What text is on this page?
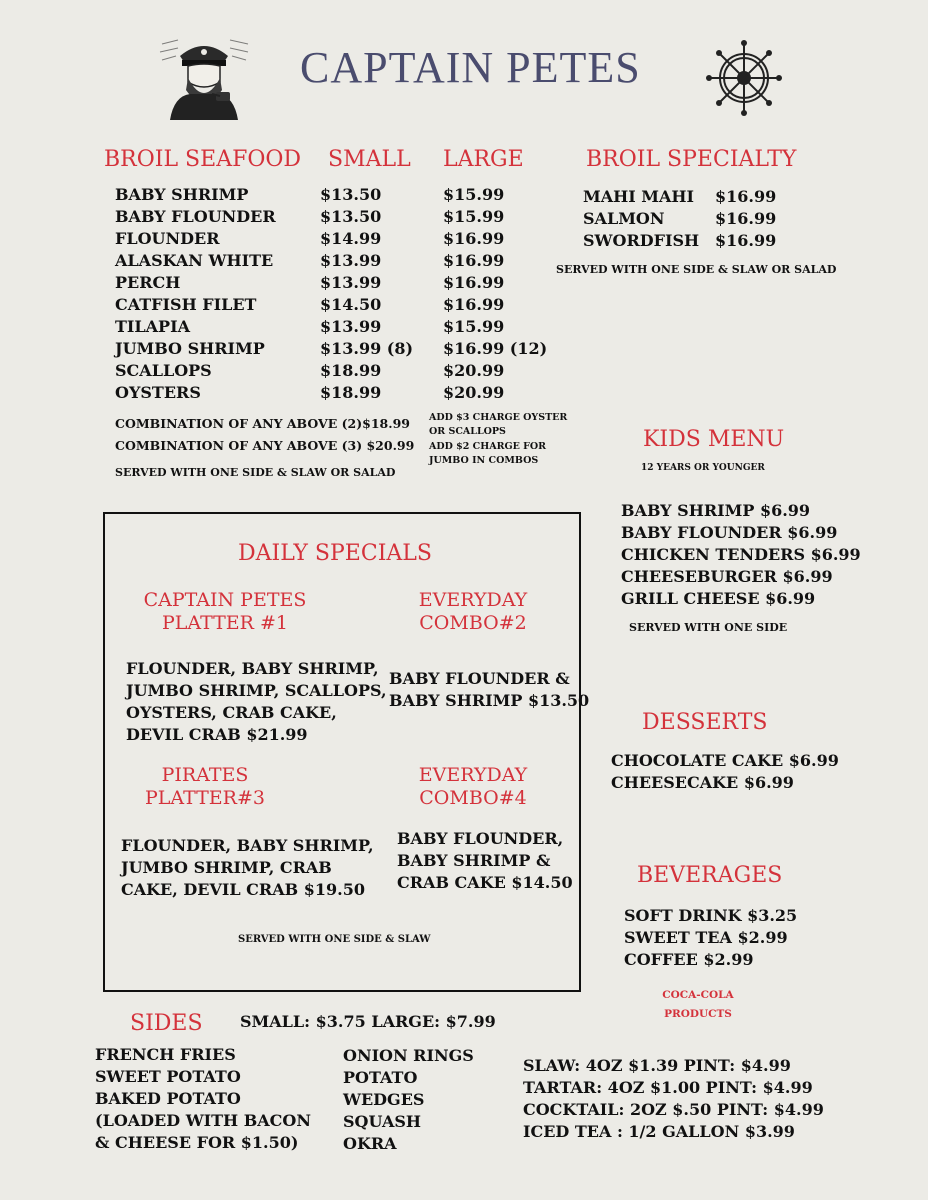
CAPTAIN PETES
BROIL SEAFOOD SMALL LARGE
BABY SHRIMP	$13.50	$15.99
BABY FLOUNDER	$13.50	$15.99
FLOUNDER	$14.99	$16.99
ALASKAN WHITE	$13.99	$16.99
PERCH	$13.99	$16.99
CATFISH FILET	$14.50	$16.99
TILAPIA	$13.99	$15.99
JUMBO SHRIMP	$13.99 (8) $16.99 (12)
SCALLOPS	$18.99	$20.99
OYSTERS	$18.99	$20.99
COMBINATION OF ANY ABOVE (2)$18.99
COMBINATION OF ANY ABOVE (3) $20.99
SERVED WITH ONE SIDE & SLAW OR SALAD
ADD $3 CHARGE OYSTER
OR SCALLOPS
ADD $2 CHARGE FOR
JUMBO IN COMBOS
BROIL SPECIALTY
MAHI MAHI $16.99
SALMON	$16.99
SWORDFISH $16.99
SERVED WITH ONE SIDE & SLAW OR SALAD
KIDS MENU
12 YEARS OR YOUNGER
BABY SHRIMP $6.99
BABY FLOUNDER $6.99
CHICKEN TENDERS $6.99
CHEESEBURGER $6.99
GRILL CHEESE $6.99
SERVED WITH ONE SIDE
DAILY SPECIALS
CAPTAIN PETES
PLATTER #1
EVERYDAY
COMBO#2
FLOUNDER, BABY SHRIMP,
JUMBO SHRIMP, SCALLOPS,
OYSTERS, CRAB CAKE,
DEVIL CRAB $21.99
BABY FLOUNDER &
BABY SHRIMP $13.50
PIRATES
PLATTER#3
EVERYDAY
COMBO#4
FLOUNDER, BABY SHRIMP,
JUMBO SHRIMP, CRAB
CAKE, DEVIL CRAB $19.50
BABY FLOUNDER,
BABY SHRIMP &
CRAB CAKE $14.50
SERVED WITH ONE SIDE & SLAW
DESSERTS
CHOCOLATE CAKE $6.99
CHEESECAKE $6.99
BEVERAGES
SOFT DRINK $3.25
SWEET TEA $2.99
COFFEE $2.99
COCA-COLA
PRODUCTS
SIDES SMALL: $3.75 LARGE: $7.99
FRENCH FRIES
SWEET POTATO
BAKED POTATO
(LOADED WITH BACON
& CHEESE FOR $1.50)
ONION RINGS
POTATO
WEDGES
SQUASH
OKRA
SLAW: 4OZ $1.39 PINT: $4.99
TARTAR: 4OZ $1.00 PINT: $4.99
COCKTAIL: 2OZ $.50 PINT: $4.99
ICED TEA : 1/2 GALLON $3.99
